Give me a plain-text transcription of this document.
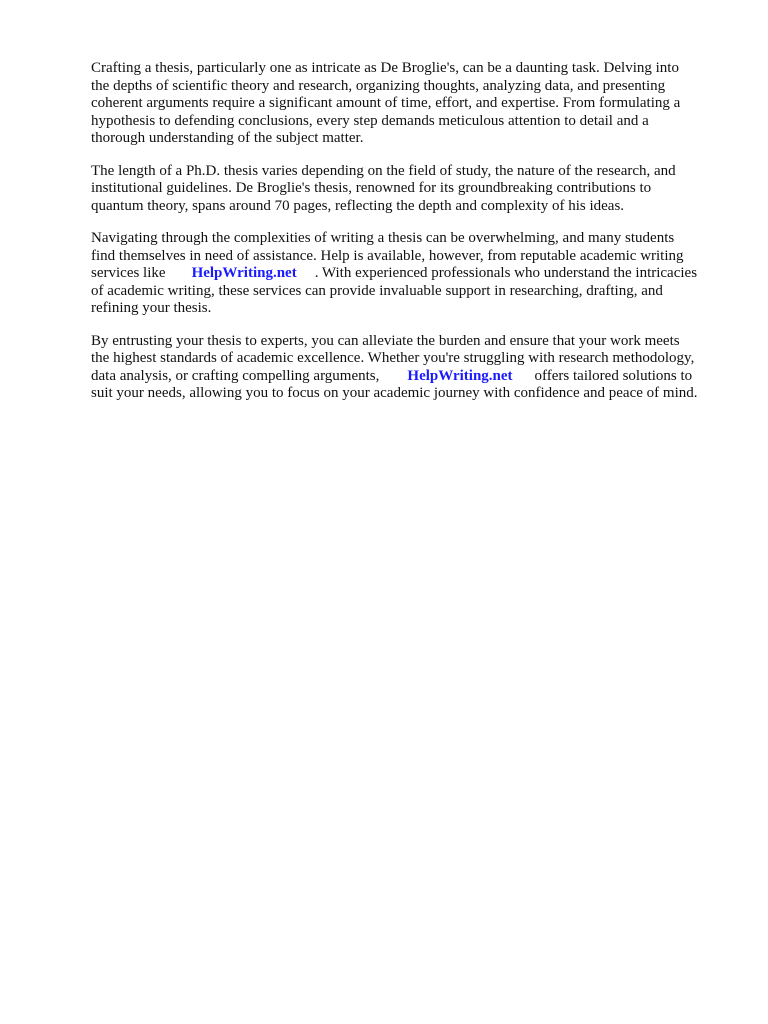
Crafting a thesis, particularly one as intricate as De Broglie's, can be a daunting task. Delving into
the depths of scientific theory and research, organizing thoughts, analyzing data, and presenting
coherent arguments require a significant amount of time, effort, and expertise. From formulating a
hypothesis to defending conclusions, every step demands meticulous attention to detail and a
thorough understanding of the subject matter.

The length of a Ph.D. thesis varies depending on the field of study, the nature of the research, and
institutional guidelines. De Broglie's thesis, renowned for its groundbreaking contributions to
quantum theory, spans around 70 pages, reflecting the depth and complexity of his ideas.

Navigating through the complexities of writing a thesis can be overwhelming, and many students
find themselves in need of assistance. Help is available, however, from reputable academic writing
services like HelpWriting.net . With experienced professionals who understand the intricacies
of academic writing, these services can provide invaluable support in researching, drafting, and
refining your thesis.

By entrusting your thesis to experts, you can alleviate the burden and ensure that your work meets
the highest standards of academic excellence. Whether you're struggling with research methodology,
data analysis, or crafting compelling arguments, HelpWriting.net offers tailored solutions to
suit your needs, allowing you to focus on your academic journey with confidence and peace of mind.
